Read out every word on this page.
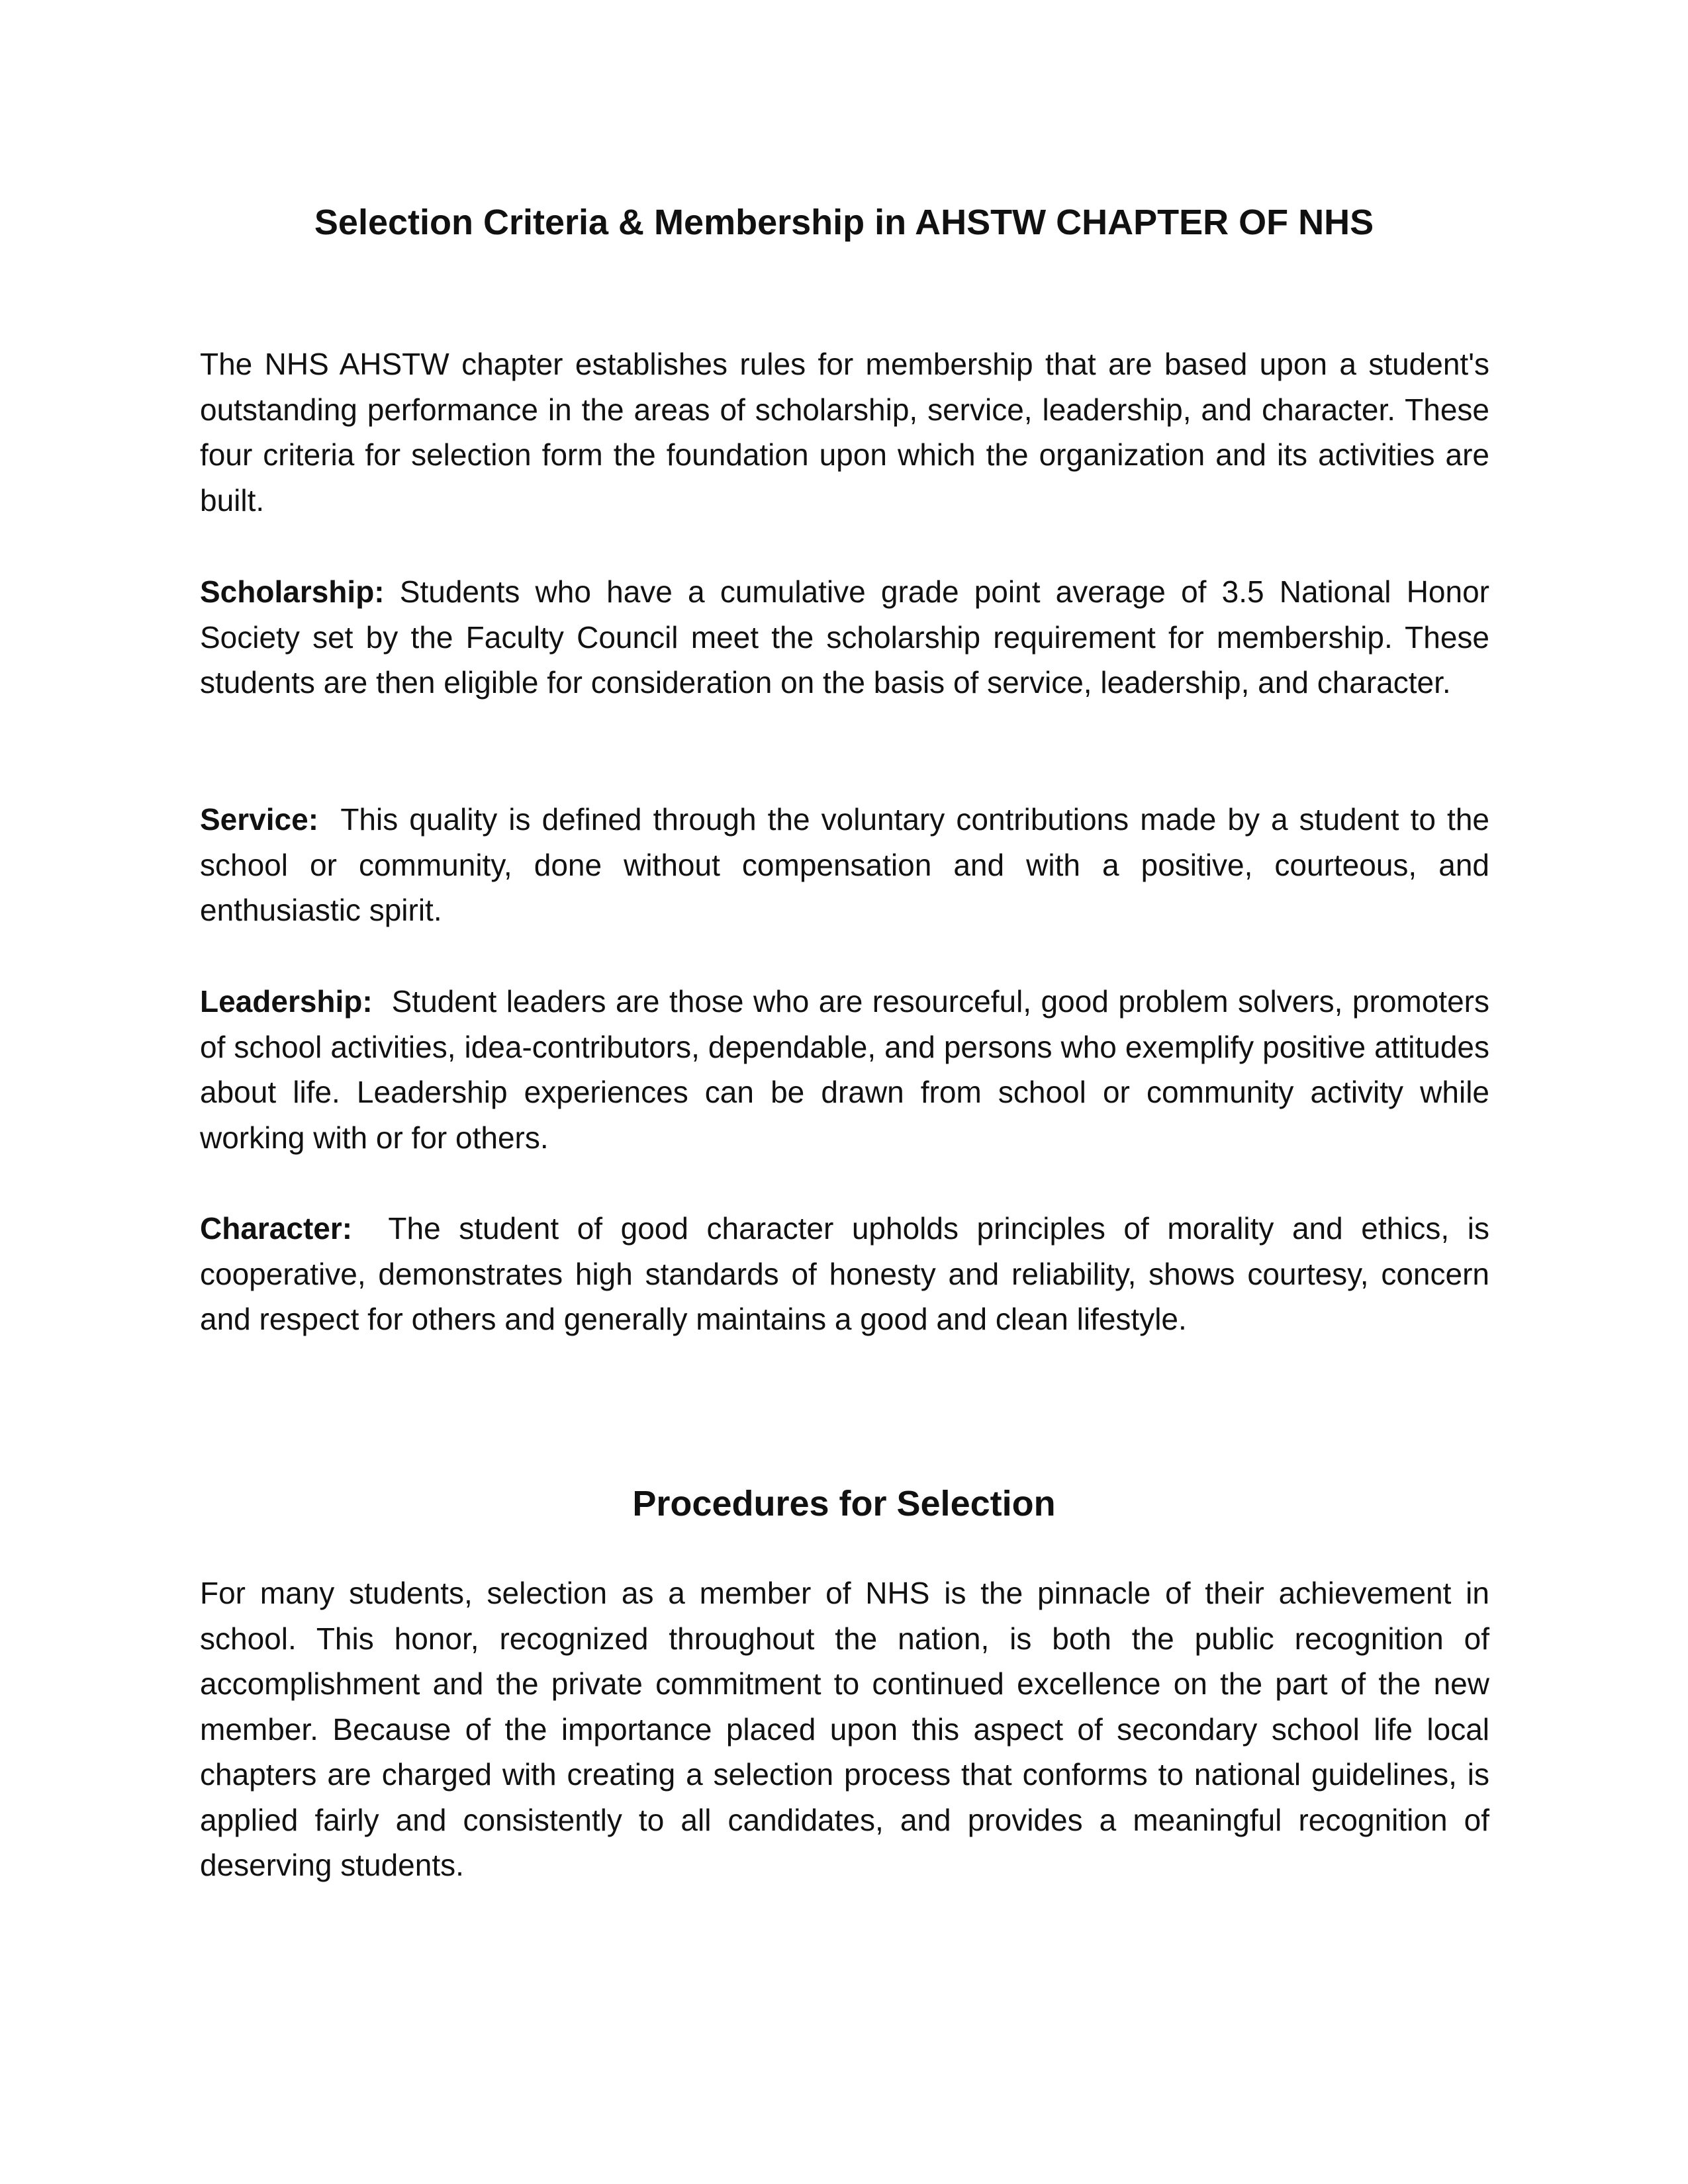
Selection Criteria & Membership in AHSTW CHAPTER OF NHS

The NHS AHSTW chapter establishes rules for membership that are based upon a student's outstanding performance in the areas of scholarship, service, leadership, and character. These four criteria for selection form the foundation upon which the organization and its activities are built.

Scholarship: Students who have a cumulative grade point average of 3.5 National Honor Society set by the Faculty Council meet the scholarship requirement for membership. These students are then eligible for consideration on the basis of service, leadership, and character.

Service: This quality is defined through the voluntary contributions made by a student to the school or community, done without compensation and with a positive, courteous, and enthusiastic spirit.

Leadership: Student leaders are those who are resourceful, good problem solvers, promoters of school activities, idea-contributors, dependable, and persons who exemplify positive attitudes about life. Leadership experiences can be drawn from school or community activity while working with or for others.

Character: The student of good character upholds principles of morality and ethics, is cooperative, demonstrates high standards of honesty and reliability, shows courtesy, concern and respect for others and generally maintains a good and clean lifestyle.

Procedures for Selection

For many students, selection as a member of NHS is the pinnacle of their achievement in school. This honor, recognized throughout the nation, is both the public recognition of accomplishment and the private commitment to continued excellence on the part of the new member. Because of the importance placed upon this aspect of secondary school life local chapters are charged with creating a selection process that conforms to national guidelines, is applied fairly and consistently to all candidates, and provides a meaningful recognition of deserving students.
